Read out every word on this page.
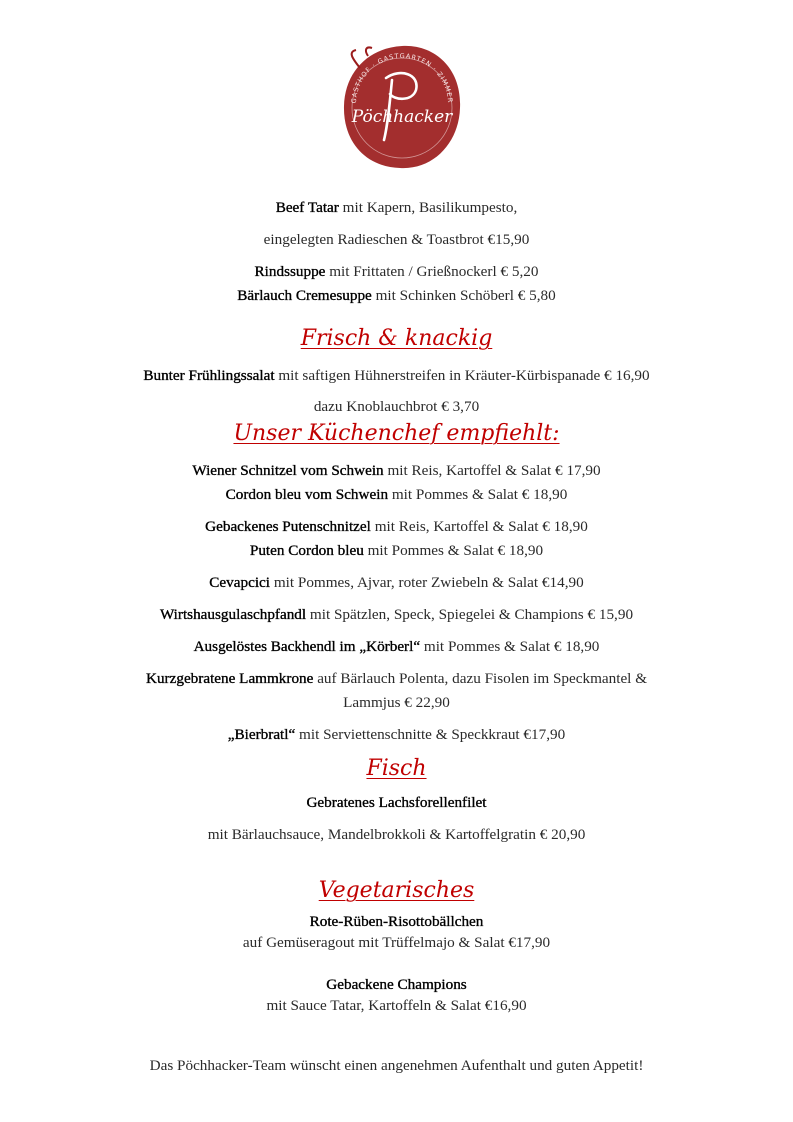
GASTHOF · GASTGARTEN · ZIMMER
Pöchhacker
Beef Tatar mit Kapern, Basilikumpesto,
eingelegten Radieschen & Toastbrot €15,90
Rindssuppe mit Frittaten / Grießnockerl € 5,20
Bärlauch Cremesuppe mit Schinken Schöberl € 5,80
Frisch & knackig
Bunter Frühlingssalat mit saftigen Hühnerstreifen in Kräuter-Kürbispanade € 16,90
dazu Knoblauchbrot € 3,70
Unser Küchenchef empfiehlt:
Wiener Schnitzel vom Schwein mit Reis, Kartoffel & Salat € 17,90
Cordon bleu vom Schwein mit Pommes & Salat € 18,90
Gebackenes Putenschnitzel mit Reis, Kartoffel & Salat € 18,90
Puten Cordon bleu mit Pommes & Salat € 18,90
Cevapcici mit Pommes, Ajvar, roter Zwiebeln & Salat €14,90
Wirtshausgulaschpfandl mit Spätzlen, Speck, Spiegelei & Champions € 15,90
Ausgelöstes Backhendl im „Körberl“ mit Pommes & Salat € 18,90
Kurzgebratene Lammkrone auf Bärlauch Polenta, dazu Fisolen im Speckmantel &
Lammjus € 22,90
„Bierbratl“ mit Serviettenschnitte & Speckkraut €17,90
Fisch
Gebratenes Lachsforellenfilet
mit Bärlauchsauce, Mandelbrokkoli & Kartoffelgratin € 20,90
Vegetarisches
Rote-Rüben-Risottobällchen
auf Gemüseragout mit Trüffelmajo & Salat €17,90
Gebackene Champions
mit Sauce Tatar, Kartoffeln & Salat €16,90
Das Pöchhacker-Team wünscht einen angenehmen Aufenthalt und guten Appetit!
